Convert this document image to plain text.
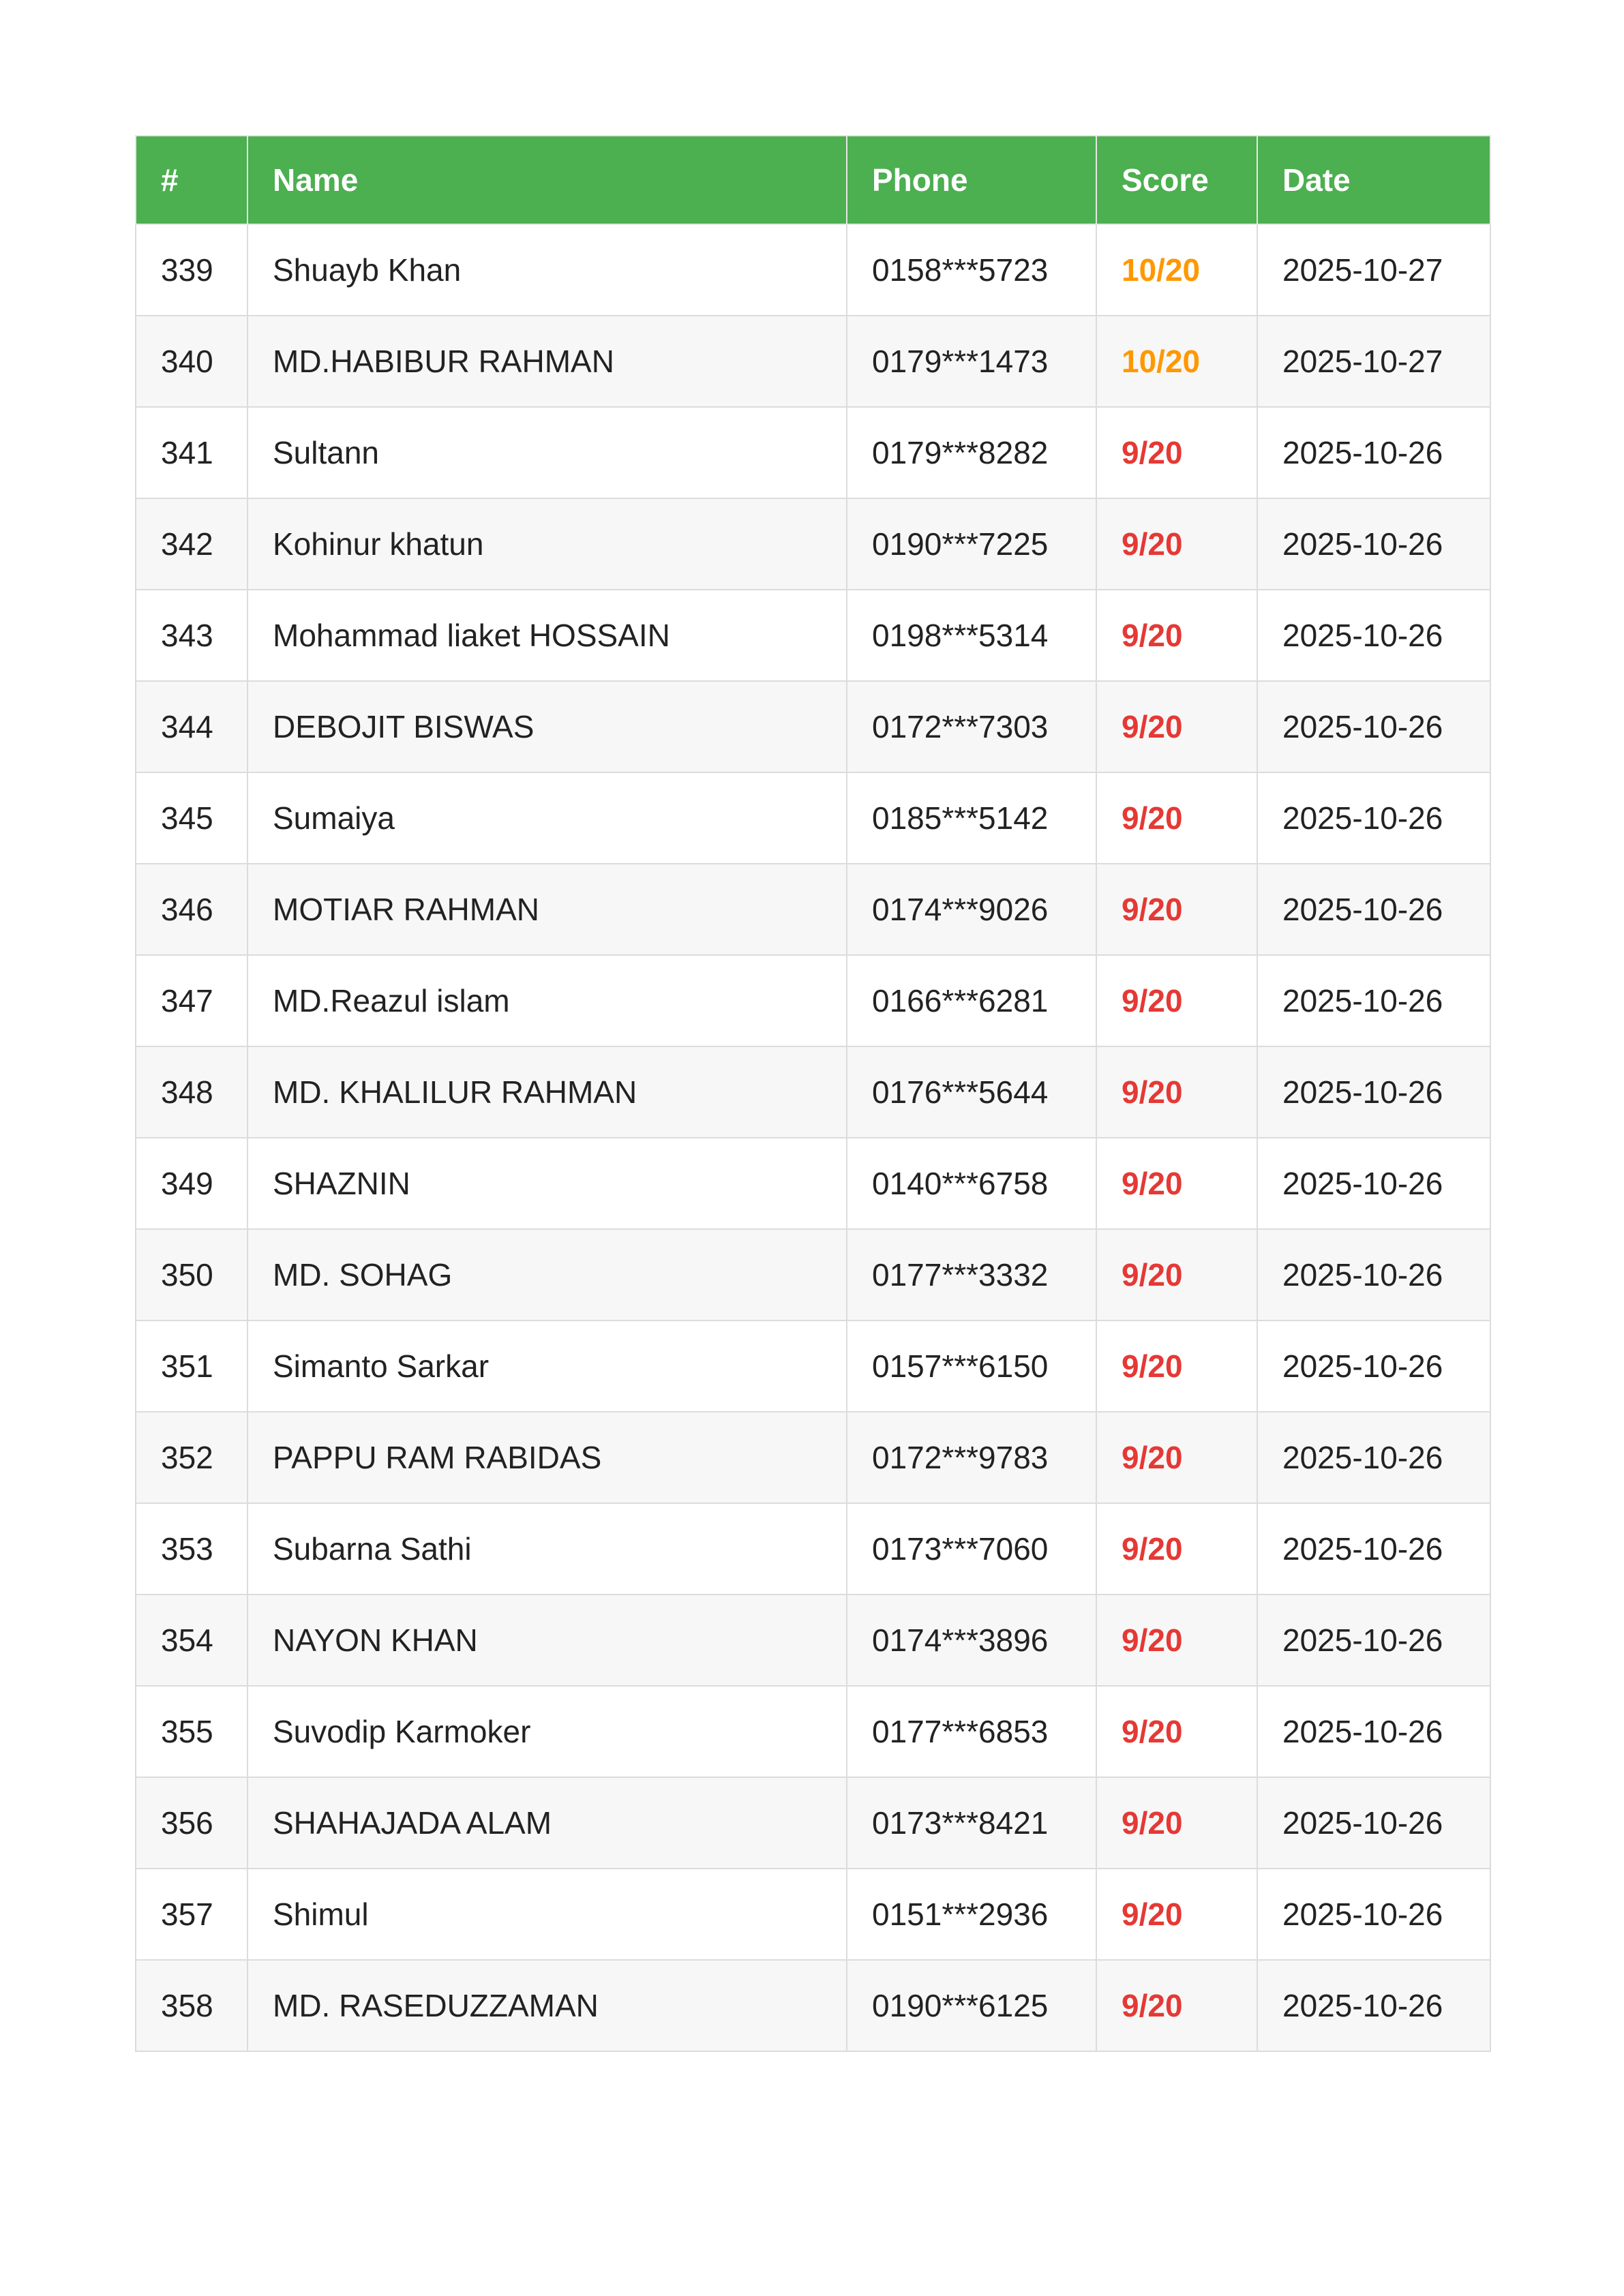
#	Name	Phone	Score	Date
339	Shuayb Khan	0158***5723	10/20	2025-10-27
340	MD.HABIBUR RAHMAN	0179***1473	10/20	2025-10-27
341	Sultann	0179***8282	9/20	2025-10-26
342	Kohinur khatun	0190***7225	9/20	2025-10-26
343	Mohammad liaket HOSSAIN	0198***5314	9/20	2025-10-26
344	DEBOJIT BISWAS	0172***7303	9/20	2025-10-26
345	Sumaiya	0185***5142	9/20	2025-10-26
346	MOTIAR RAHMAN	0174***9026	9/20	2025-10-26
347	MD.Reazul islam	0166***6281	9/20	2025-10-26
348	MD. KHALILUR RAHMAN	0176***5644	9/20	2025-10-26
349	SHAZNIN	0140***6758	9/20	2025-10-26
350	MD. SOHAG	0177***3332	9/20	2025-10-26
351	Simanto Sarkar	0157***6150	9/20	2025-10-26
352	PAPPU RAM RABIDAS	0172***9783	9/20	2025-10-26
353	Subarna Sathi	0173***7060	9/20	2025-10-26
354	NAYON KHAN	0174***3896	9/20	2025-10-26
355	Suvodip Karmoker	0177***6853	9/20	2025-10-26
356	SHAHAJADA ALAM	0173***8421	9/20	2025-10-26
357	Shimul	0151***2936	9/20	2025-10-26
358	MD. RASEDUZZAMAN	0190***6125	9/20	2025-10-26
